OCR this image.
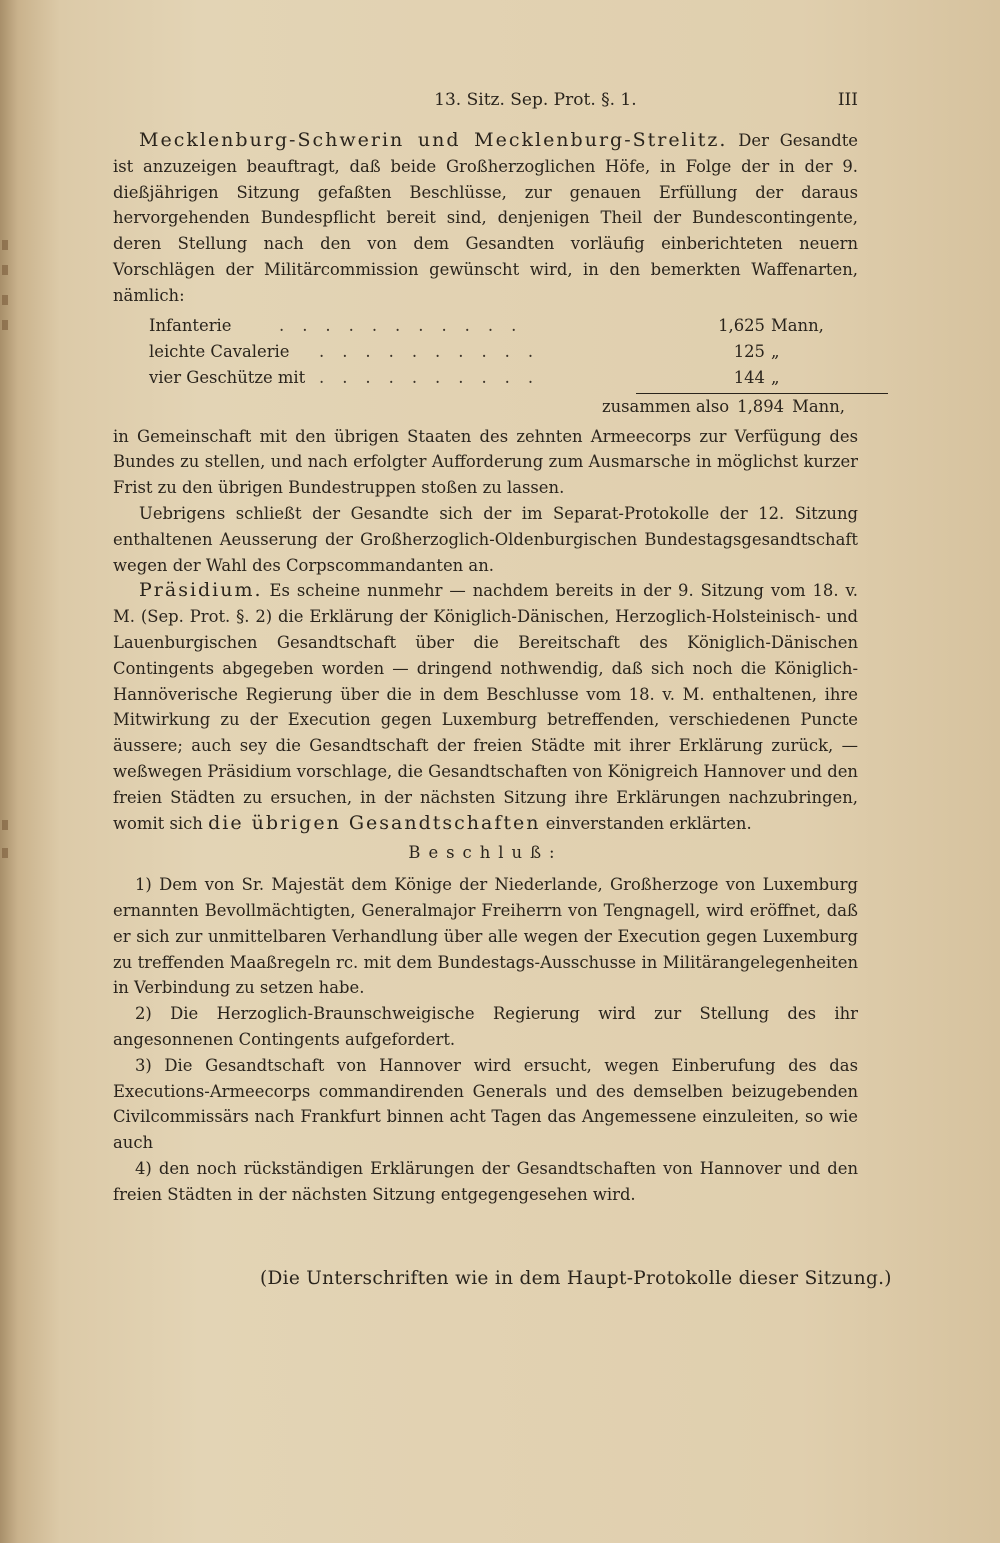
13. Sitz. Sep. Prot. §. 1.	III

Mecklenburg-Schwerin und Mecklenburg-Strelitz. Der Gesandte ist anzuzeigen beauftragt, daß beide Großherzoglichen Höfe, in Folge der in der 9. dießjährigen Sitzung gefaßten Beschlüsse, zur genauen Erfüllung der daraus hervorgehenden Bundespflicht bereit sind, denjenigen Theil der Bundescontingente, deren Stellung nach den von dem Gesandten vorläufig einberichteten neuern Vorschlägen der Militärcommission gewünscht wird, in den bemerkten Waffenarten, nämlich:

Infanterie	...........	1,625 Mann,
leichte Cavalerie	..........	125 „
vier Geschütze mit ..........	144 „
zusammen also 1,894 Mann,

in Gemeinschaft mit den übrigen Staaten des zehnten Armeecorps zur Verfügung des Bundes zu stellen, und nach erfolgter Aufforderung zum Ausmarsche in möglichst kurzer Frist zu den übrigen Bundestruppen stoßen zu lassen.

Uebrigens schließt der Gesandte sich der im Separat-Protokolle der 12. Sitzung enthaltenen Aeusserung der Großherzoglich-Oldenburgischen Bundestagsgesandtschaft wegen der Wahl des Corpscommandanten an.

Präsidium. Es scheine nunmehr — nachdem bereits in der 9. Sitzung vom 18. v. M. (Sep. Prot. §. 2) die Erklärung der Königlich-Dänischen, Herzoglich-Holsteinisch- und Lauenburgischen Gesandtschaft über die Bereitschaft des Königlich-Dänischen Contingents abgegeben worden — dringend nothwendig, daß sich noch die Königlich-Hannöverische Regierung über die in dem Beschlusse vom 18. v. M. enthaltenen, ihre Mitwirkung zu der Execution gegen Luxemburg betreffenden, verschiedenen Puncte äussere; auch sey die Gesandtschaft der freien Städte mit ihrer Erklärung zurück, — weßwegen Präsidium vorschlage, die Gesandtschaften von Königreich Hannover und den freien Städten zu ersuchen, in der nächsten Sitzung ihre Erklärungen nachzubringen, womit sich die übrigen Gesandtschaften einverstanden erklärten.

Beschluß:

1) Dem von Sr. Majestät dem Könige der Niederlande, Großherzoge von Luxemburg ernannten Bevollmächtigten, Generalmajor Freiherrn von Tengnagell, wird eröffnet, daß er sich zur unmittelbaren Verhandlung über alle wegen der Execution gegen Luxemburg zu treffenden Maaßregeln rc. mit dem Bundestags-Ausschusse in Militärangelegenheiten in Verbindung zu setzen habe.

2) Die Herzoglich-Braunschweigische Regierung wird zur Stellung des ihr angesonnenen Contingents aufgefordert.

3) Die Gesandtschaft von Hannover wird ersucht, wegen Einberufung des das Executions-Armeecorps commandirenden Generals und des demselben beizugebenden Civilcommissärs nach Frankfurt binnen acht Tagen das Angemessene einzuleiten, so wie auch

4) den noch rückständigen Erklärungen der Gesandtschaften von Hannover und den freien Städten in der nächsten Sitzung entgegengesehen wird.

(Die Unterschriften wie in dem Haupt-Protokolle dieser Sitzung.)
